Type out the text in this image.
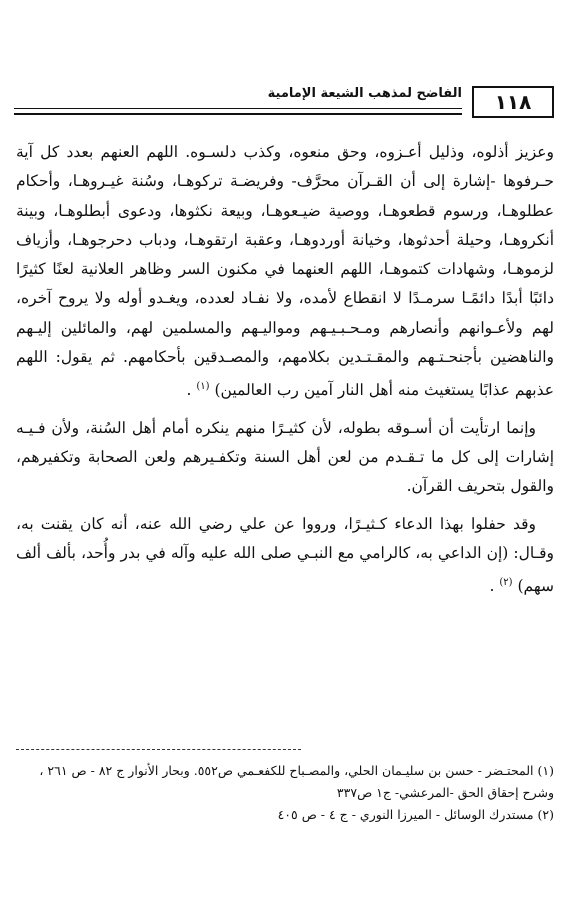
١١٨
الفاضح لمذهب الشيعة الإمامية

وعزيز أذلوه، وذليل أعـزوه، وحق منعوه، وكذب دلسـوه. اللهم العنهم بعدد كل آية حـرفوها -إشارة إلى أن القـرآن محرَّف- وفريضـة تركوهـا، وسُنة غيـروهـا، وأحكام عطلوهـا، ورسوم قطعوهـا، ووصية ضيـعوهـا، وبيعة نكثوها، ودعوى أبطلوهـا، وبينة أنكروهـا، وحيلة أحدثوها، وخيانة أوردوهـا، وعقبة ارتقوهـا، ودباب دحرجوهـا، وأزياف لزموهـا، وشهادات كتموهـا، اللهم العنهما في مكنون السر وظاهر العلانية لعنًا كثيرًا دائبًا أبدًا دائمًـا سرمـدًا لا انقطاع لأمده، ولا نفـاد لعدده، ويغـدو أوله ولا يروح آخره، لهم ولأعـوانهم وأنصارهم ومـحـبـيـهم ومواليـهم والمسلمين لهم، والمائلين إليـهم والناهضين بأجنحـتـهم والمقـتـدين بكلامهم، والمصـدقين بأحكامهم. ثم يقول: اللهم عذبهم عذابًا يستغيث منه أهل النار آمين رب العالمين) $^{(١)}$ .

وإنما ارتأيت أن أسـوقه بطوله، لأن كثيـرًا منهم ينكره أمام أهل السُنة، ولأن فـيـه إشارات إلى كل ما تـقـدم من لعن أهل السنة وتكفـيرهم ولعن الصحابة وتكفيرهم، والقول بتحريف القرآن.

وقد حفلوا بهذا الدعاء كـثيـرًا، ورووا عن علي رضي الله عنه، أنه كان يقنت به، وقـال: (إن الداعي به، كالرامي مع النبـي صلى الله عليه وآله في بدر وأُحد، بألف ألف سهم) $^{(٢)}$ .

(١) المحتـضر - حسن بن سليـمان الحلي، والمصـباح للكفعـمي ص٥٥٢. وبحار الأنوار ج ٨٢ - ص ٢٦١ ، وشرح إحقاق الحق -المرعشي- ج١ ص٣٣٧

(٢) مستدرك الوسائل - الميرزا النوري - ج ٤ - ص ٤٠٥
